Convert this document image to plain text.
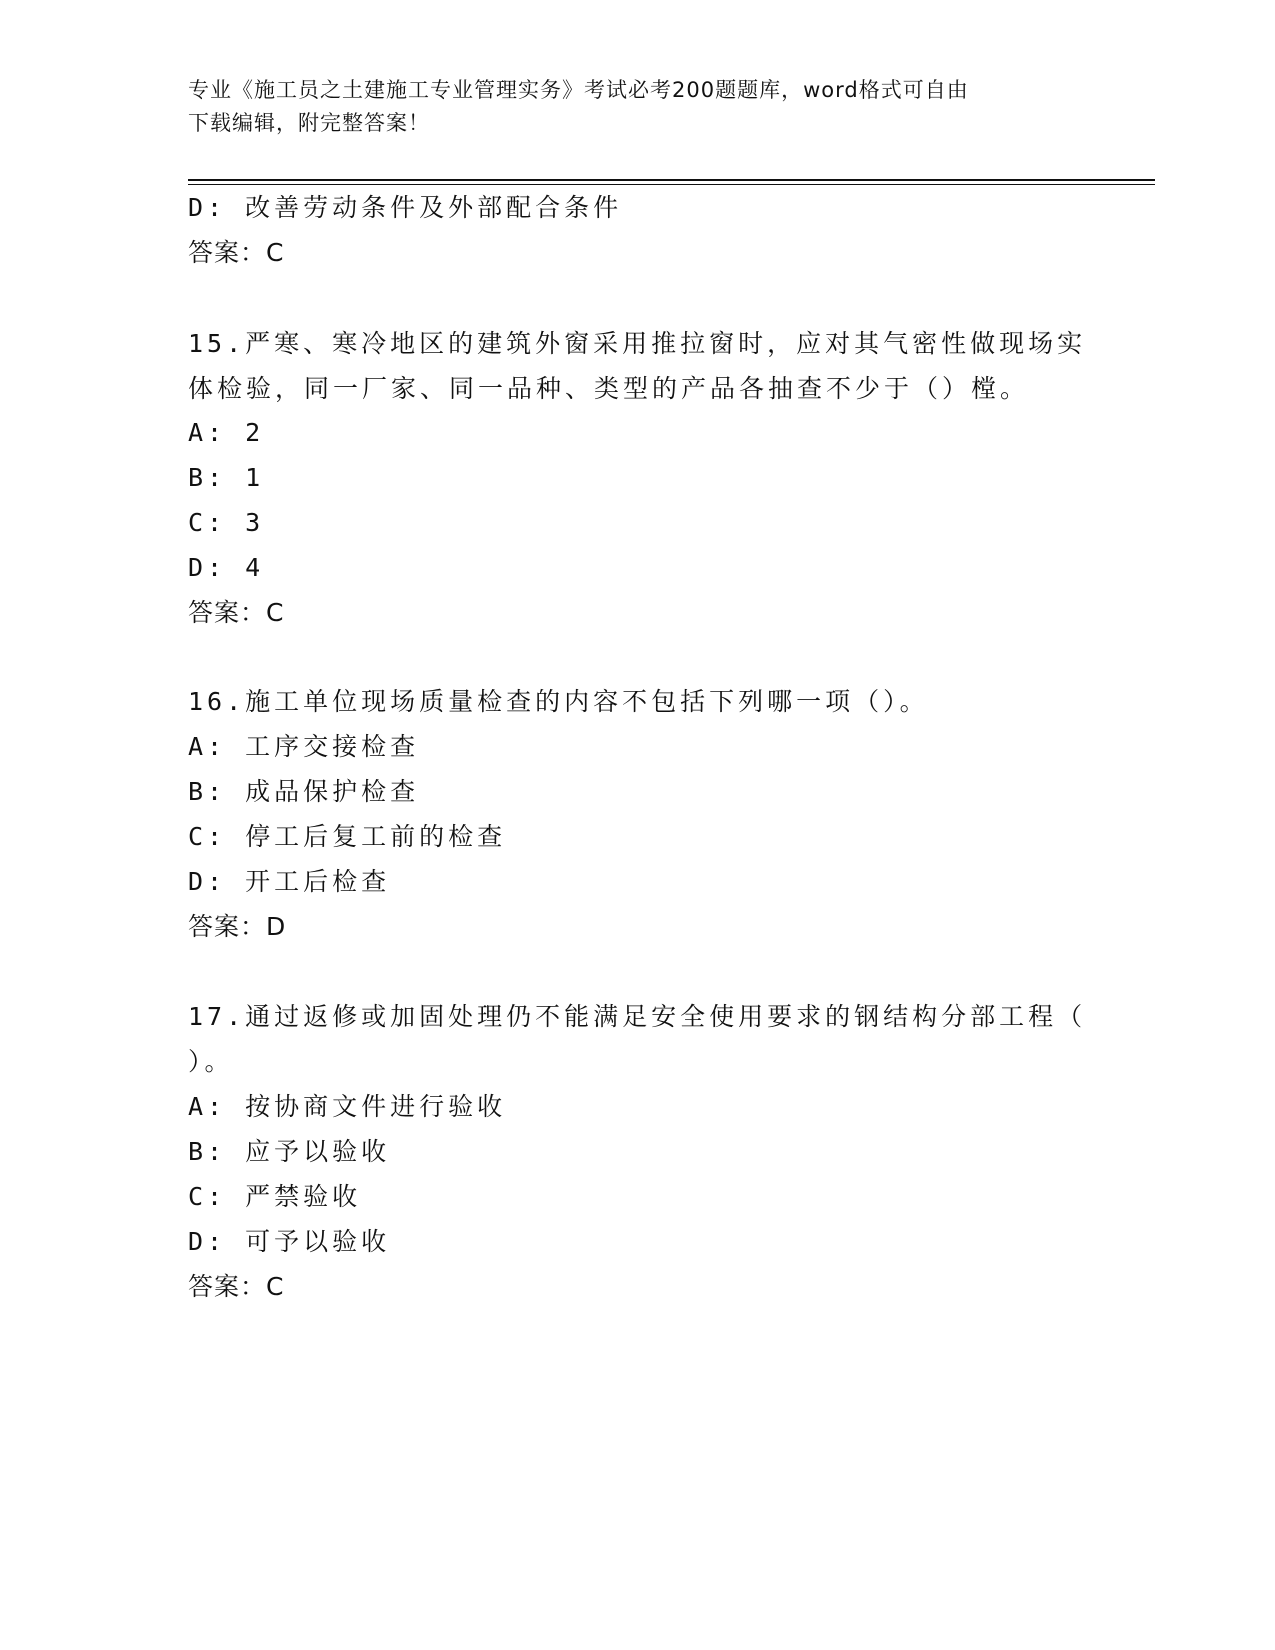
专业《施工员之土建施工专业管理实务》考试必考200题题库，word格式可自由
下载编辑，附完整答案！
D: 改善劳动条件及外部配合条件
答案：C
15.严寒、寒冷地区的建筑外窗采用推拉窗时，应对其气密性做现场实
体检验，同一厂家、同一品种、类型的产品各抽查不少于（）樘。
A: 2
B: 1
C: 3
D: 4
答案：C
16.施工单位现场质量检查的内容不包括下列哪一项（）。
A: 工序交接检查
B: 成品保护检查
C: 停工后复工前的检查
D: 开工后检查
答案：D
17.通过返修或加固处理仍不能满足安全使用要求的钢结构分部工程（
）。
A: 按协商文件进行验收
B: 应予以验收
C: 严禁验收
D: 可予以验收
答案：C
